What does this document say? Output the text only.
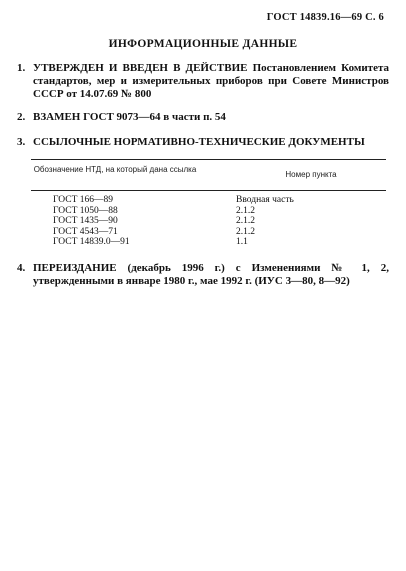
ГОСТ 14839.16—69 С. 6
ИНФОРМАЦИОННЫЕ ДАННЫЕ
1. УТВЕРЖДЕН И ВВЕДЕН В ДЕЙСТВИЕ Постановлением Комитета стандартов, мер и измерительных приборов при Совете Министров СССР от 14.07.69 № 800
2. ВЗАМЕН ГОСТ 9073—64 в части п. 54
3. ССЫЛОЧНЫЕ НОРМАТИВНО-ТЕХНИЧЕСКИЕ ДОКУМЕНТЫ
Обозначение НТД, на который дана ссылка
Номер пункта
ГОСТ 166—89	Вводная часть
ГОСТ 1050—88	2.1.2
ГОСТ 1435—90	2.1.2
ГОСТ 4543—71	2.1.2
ГОСТ 14839.0—91	1.1
4. ПЕРЕИЗДАНИЕ (декабрь 1996 г.) с Изменениями № 1, 2, утвержденными в январе 1980 г., мае 1992 г. (ИУС 3—80, 8—92)
